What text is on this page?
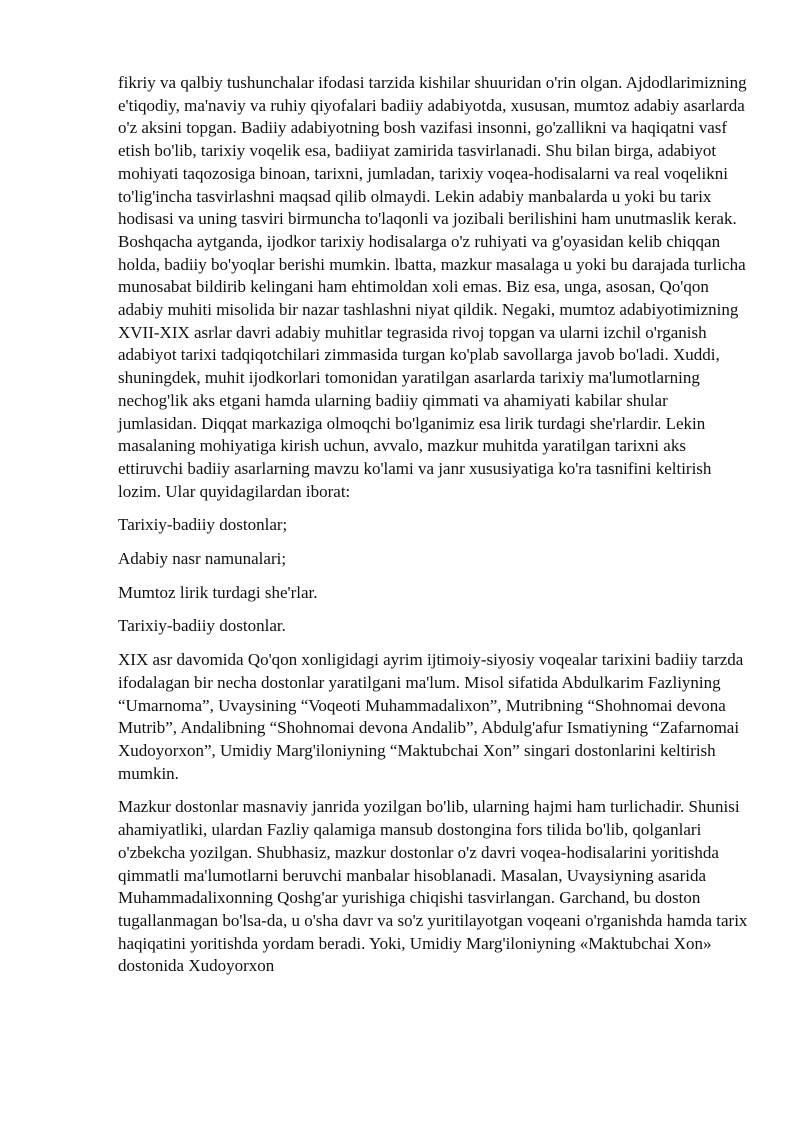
fikriy va qalbiy tushunchalar ifodasi tarzida kishilar shuuridan o'rin olgan. Ajdodlarimizning e'tiqodiy, ma'naviy va ruhiy qiyofalari badiiy adabiyotda, xususan, mumtoz adabiy asarlarda o'z aksini topgan. Badiiy adabiyotning bosh vazifasi insonni, go'zallikni va haqiqatni vasf etish bo'lib, tarixiy voqelik esa, badiiyat zamirida tasvirlanadi. Shu bilan birga, adabiyot mohiyati taqozosiga binoan, tarixni, jumladan, tarixiy voqea-hodisalarni va real voqelikni to'lig'incha tasvirlashni maqsad qilib olmaydi. Lekin adabiy manbalarda u yoki bu tarix hodisasi va uning tasviri birmuncha to'laqonli va jozibali berilishini ham unutmaslik kerak. Boshqacha aytganda, ijodkor tarixiy hodisalarga o'z ruhiyati va g'oyasidan kelib chiqqan holda, badiiy bo'yoqlar berishi mumkin. lbatta, mazkur masalaga u yoki bu darajada turlicha munosabat bildirib kelingani ham ehtimoldan xoli emas. Biz esa, unga, asosan, Qo'qon adabiy muhiti misolida bir nazar tashlashni niyat qildik. Negaki, mumtoz adabiyotimizning XVII-XIX asrlar davri adabiy muhitlar tegrasida rivoj topgan va ularni izchil o'rganish adabiyot tarixi tadqiqotchilari zimmasida turgan ko'plab savollarga javob bo'ladi. Xuddi, shuningdek, muhit ijodkorlari tomonidan yaratilgan asarlarda tarixiy ma'lumotlarning nechog'lik aks etgani hamda ularning badiiy qimmati va ahamiyati kabilar shular jumlasidan. Diqqat markaziga olmoqchi bo'lganimiz esa lirik turdagi she'rlardir. Lekin masalaning mohiyatiga kirish uchun, avvalo, mazkur muhitda yaratilgan tarixni aks ettiruvchi badiiy asarlarning mavzu ko'lami va janr xususiyatiga ko'ra tasnifini keltirish lozim. Ular quyidagilardan iborat:

Tarixiy-badiiy dostonlar;

Adabiy nasr namunalari;

Mumtoz lirik turdagi she'rlar.

Tarixiy-badiiy dostonlar.

XIX asr davomida Qo'qon xonligidagi ayrim ijtimoiy-siyosiy voqealar tarixini badiiy tarzda ifodalagan bir necha dostonlar yaratilgani ma'lum. Misol sifatida Abdulkarim Fazliyning “Umarnoma”, Uvaysining “Voqeoti Muhammadalixon”, Mutribning “Shohnomai devona Mutrib”, Andalibning “Shohnomai devona Andalib”, Abdulg'afur Ismatiyning “Zafarnomai Xudoyorxon”, Umidiy Marg'iloniyning “Maktubchai Xon” singari dostonlarini keltirish mumkin.

Mazkur dostonlar masnaviy janrida yozilgan bo'lib, ularning hajmi ham turlichadir. Shunisi ahamiyatliki, ulardan Fazliy qalamiga mansub dostongina fors tilida bo'lib, qolganlari o'zbekcha yozilgan. Shubhasiz, mazkur dostonlar o'z davri voqea-hodisalarini yoritishda qimmatli ma'lumotlarni beruvchi manbalar hisoblanadi. Masalan, Uvaysiyning asarida Muhammadalixonning Qoshg'ar yurishiga chiqishi tasvirlangan. Garchand, bu doston tugallanmagan bo'lsa-da, u o'sha davr va so'z yuritilayotgan voqeani o'rganishda hamda tarix haqiqatini yoritishda yordam beradi. Yoki, Umidiy Marg'iloniyning «Maktubchai Xon» dostonida Xudoyorxon
